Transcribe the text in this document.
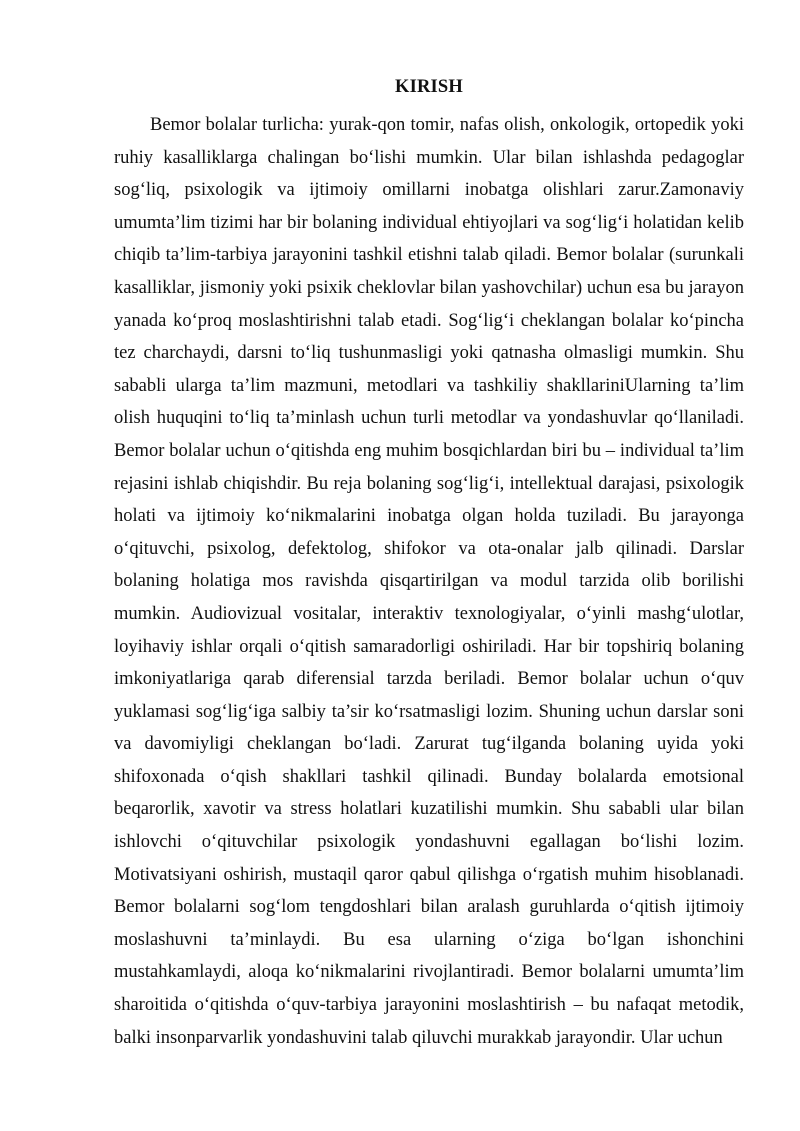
KIRISH

Bemor bolalar turlicha: yurak-qon tomir, nafas olish, onkologik, ortopedik yoki ruhiy kasalliklarga chalingan bo‘lishi mumkin. Ular bilan ishlashda pedagoglar sog‘liq, psixologik va ijtimoiy omillarni inobatga olishlari zarur.Zamonaviy umumta’lim tizimi har bir bolaning individual ehtiyojlari va sog‘lig‘i holatidan kelib chiqib ta’lim-tarbiya jarayonini tashkil etishni talab qiladi. Bemor bolalar (surunkali kasalliklar, jismoniy yoki psixik cheklovlar bilan yashovchilar) uchun esa bu jarayon yanada ko‘proq moslashtirishni talab etadi. Sog‘lig‘i cheklangan bolalar ko‘pincha tez charchaydi, darsni to‘liq tushunmasligi yoki qatnasha olmasligi mumkin. Shu sababli ularga ta’lim mazmuni, metodlari va tashkiliy shakllariniUlarning ta’lim olish huquqini to‘liq ta’minlash uchun turli metodlar va yondashuvlar qo‘llaniladi. Bemor bolalar uchun o‘qitishda eng muhim bosqichlardan biri bu – individual ta’lim rejasini ishlab chiqishdir. Bu reja bolaning sog‘lig‘i, intellektual darajasi, psixologik holati va ijtimoiy ko‘nikmalarini inobatga olgan holda tuziladi. Bu jarayonga o‘qituvchi, psixolog, defektolog, shifokor va ota-onalar jalb qilinadi. Darslar bolaning holatiga mos ravishda qisqartirilgan va modul tarzida olib borilishi mumkin. Audiovizual vositalar, interaktiv texnologiyalar, o‘yinli mashg‘ulotlar, loyihaviy ishlar orqali o‘qitish samaradorligi oshiriladi. Har bir topshiriq bolaning imkoniyatlariga qarab diferensial tarzda beriladi. Bemor bolalar uchun o‘quv yuklamasi sog‘lig‘iga salbiy ta’sir ko‘rsatmasligi lozim. Shuning uchun darslar soni va davomiyligi cheklangan bo‘ladi. Zarurat tug‘ilganda bolaning uyida yoki shifoxonada o‘qish shakllari tashkil qilinadi. Bunday bolalarda emotsional beqarorlik, xavotir va stress holatlari kuzatilishi mumkin. Shu sababli ular bilan ishlovchi o‘qituvchilar psixologik yondashuvni egallagan bo‘lishi lozim. Motivatsiyani oshirish, mustaqil qaror qabul qilishga o‘rgatish muhim hisoblanadi. Bemor bolalarni sog‘lom tengdoshlari bilan aralash guruhlarda o‘qitish ijtimoiy moslashuvni ta’minlaydi. Bu esa ularning o‘ziga bo‘lgan ishonchini mustahkamlaydi, aloqa ko‘nikmalarini rivojlantiradi. Bemor bolalarni umumta’lim sharoitida o‘qitishda o‘quv-tarbiya jarayonini moslashtirish – bu nafaqat metodik, balki insonparvarlik yondashuvini talab qiluvchi murakkab jarayondir. Ular uchun
